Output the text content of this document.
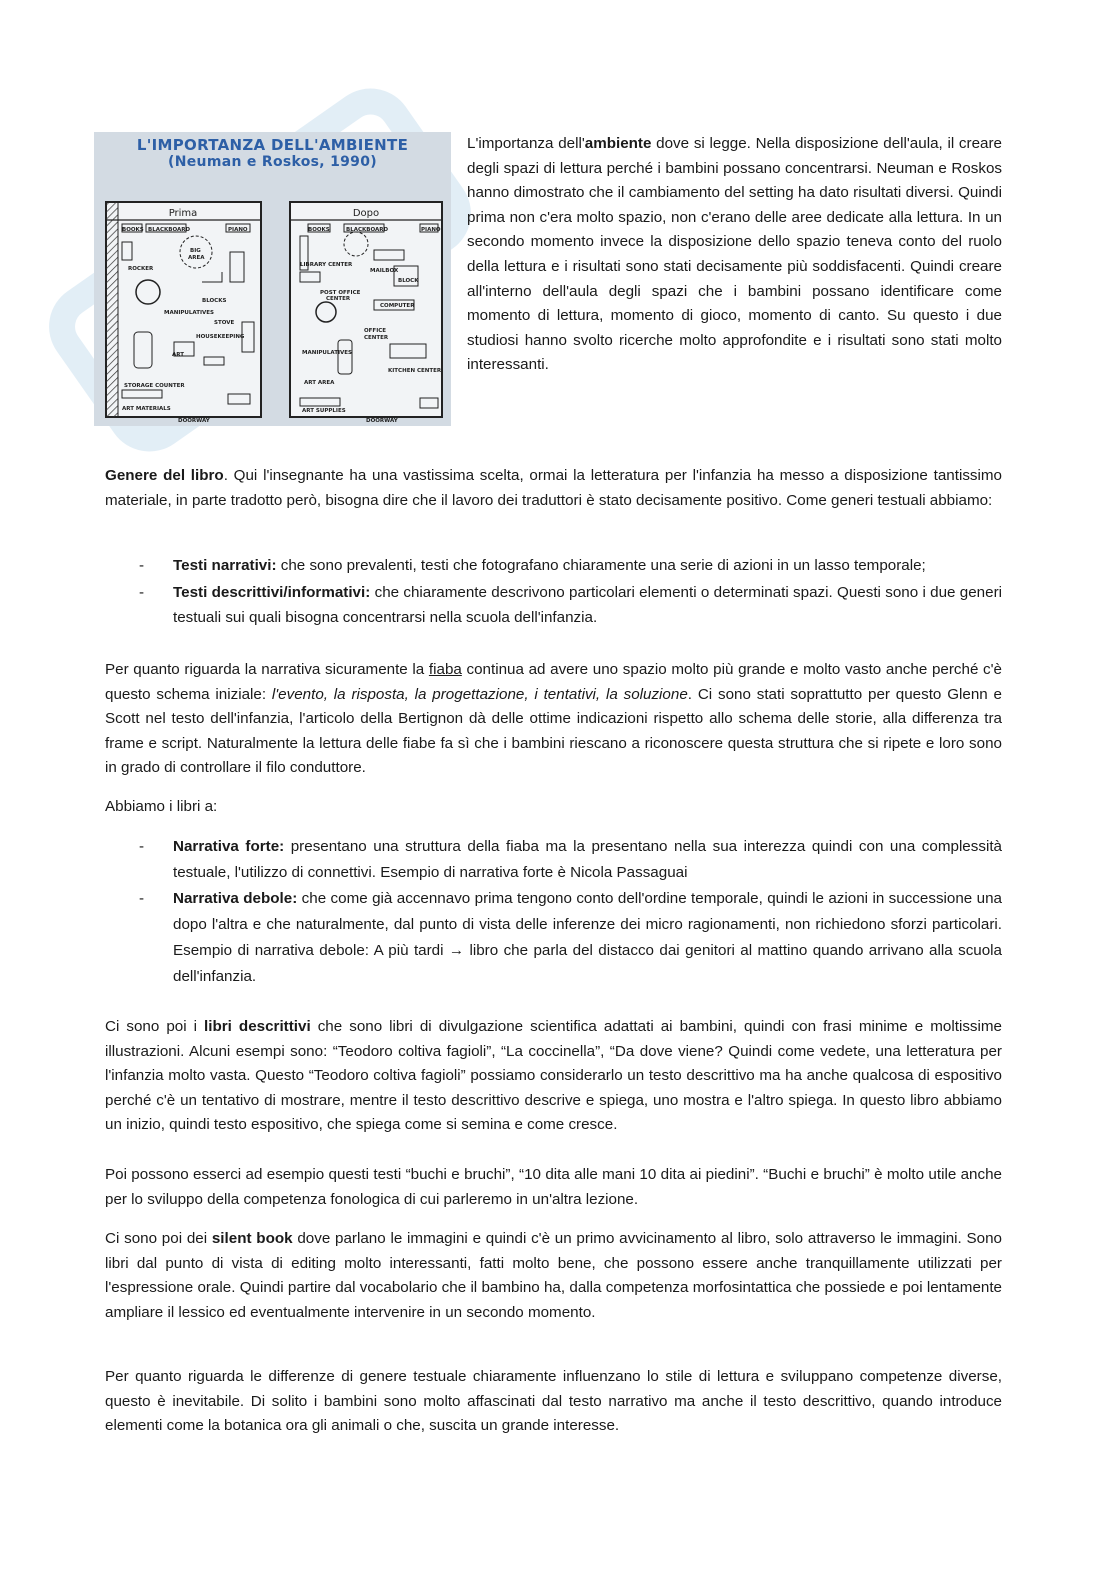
Prima
BOOKS BLACKBOARD	PIANO
BIG
AREA
ROCKER
BLOCKS
MANIPULATIVES
STOVE
HOUSEKEEPING
ART
STORAGE COUNTER
ART MATERIALS
DOORWAY
Dopo
BOOKS	BLACKBOARD	PIANO
LIBRARY CENTER
MAILBOX
BLOCK
POST OFFICE
CENTER
COMPUTER
OFFICE
CENTER
MANIPULATIVES
ART AREA
KITCHEN CENTER
ART SUPPLIES
DOORWAY
L'IMPORTANZA DELL'AMBIENTE
(Neuman e Roskos, 1990)

L'importanza dell'ambiente dove si legge. Nella disposizione dell'aula, il creare degli spazi di lettura perché i bambini possano concentrarsi. Neuman e Roskos hanno dimostrato che il cambiamento del setting ha dato risultati diversi. Quindi prima non c'era molto spazio, non c'erano delle aree dedicate alla lettura. In un secondo momento invece la disposizione dello spazio teneva conto del ruolo della lettura e i risultati sono stati decisamente più soddisfacenti. Quindi creare all'interno dell'aula degli spazi che i bambini possano identificare come momento di lettura, momento di gioco, momento di canto. Su questo i due studiosi hanno svolto ricerche molto approfondite e i risultati sono stati molto interessanti.

Genere del libro. Qui l'insegnante ha una vastissima scelta, ormai la letteratura per l'infanzia ha messo a disposizione tantissimo materiale, in parte tradotto però, bisogna dire che il lavoro dei traduttori è stato decisamente positivo. Come generi testuali abbiamo:

- Testi narrativi: che sono prevalenti, testi che fotografano chiaramente una serie di azioni in un lasso temporale;
- Testi descrittivi/informativi: che chiaramente descrivono particolari elementi o determinati spazi. Questi sono i due generi testuali sui quali bisogna concentrarsi nella scuola dell'infanzia.

Per quanto riguarda la narrativa sicuramente la fiaba continua ad avere uno spazio molto più grande e molto vasto anche perché c'è questo schema iniziale: l'evento, la risposta, la progettazione, i tentativi, la soluzione. Ci sono stati soprattutto per questo Glenn e Scott nel testo dell'infanzia, l'articolo della Bertignon dà delle ottime indicazioni rispetto allo schema delle storie, alla differenza tra frame e script. Naturalmente la lettura delle fiabe fa sì che i bambini riescano a riconoscere questa struttura che si ripete e loro sono in grado di controllare il filo conduttore.

Abbiamo i libri a:

- Narrativa forte: presentano una struttura della fiaba ma la presentano nella sua interezza quindi con una complessità testuale, l'utilizzo di connettivi. Esempio di narrativa forte è Nicola Passaguai
- Narrativa debole: che come già accennavo prima tengono conto dell'ordine temporale, quindi le azioni in successione una dopo l'altra e che naturalmente, dal punto di vista delle inferenze dei micro ragionamenti, non richiedono sforzi particolari. Esempio di narrativa debole: A più tardi → libro che parla del distacco dai genitori al mattino quando arrivano alla scuola dell'infanzia.

Ci sono poi i libri descrittivi che sono libri di divulgazione scientifica adattati ai bambini, quindi con frasi minime e moltissime illustrazioni. Alcuni esempi sono: “Teodoro coltiva fagioli”, “La coccinella”, “Da dove viene? Quindi come vedete, una letteratura per l'infanzia molto vasta. Questo “Teodoro coltiva fagioli” possiamo considerarlo un testo descrittivo ma ha anche qualcosa di espositivo perché c'è un tentativo di mostrare, mentre il testo descrittivo descrive e spiega, uno mostra e l'altro spiega. In questo libro abbiamo un inizio, quindi testo espositivo, che spiega come si semina e come cresce.

Poi possono esserci ad esempio questi testi “buchi e bruchi”, “10 dita alle mani 10 dita ai piedini”. “Buchi e bruchi” è molto utile anche per lo sviluppo della competenza fonologica di cui parleremo in un'altra lezione.

Ci sono poi dei silent book dove parlano le immagini e quindi c'è un primo avvicinamento al libro, solo attraverso le immagini. Sono libri dal punto di vista di editing molto interessanti, fatti molto bene, che possono essere anche tranquillamente utilizzati per l'espressione orale. Quindi partire dal vocabolario che il bambino ha, dalla competenza morfosintattica che possiede e poi lentamente ampliare il lessico ed eventualmente intervenire in un secondo momento.

Per quanto riguarda le differenze di genere testuale chiaramente influenzano lo stile di lettura e sviluppano competenze diverse, questo è inevitabile. Di solito i bambini sono molto affascinati dal testo narrativo ma anche il testo descrittivo, quando introduce elementi come la botanica ora gli animali o che, suscita un grande interesse.
